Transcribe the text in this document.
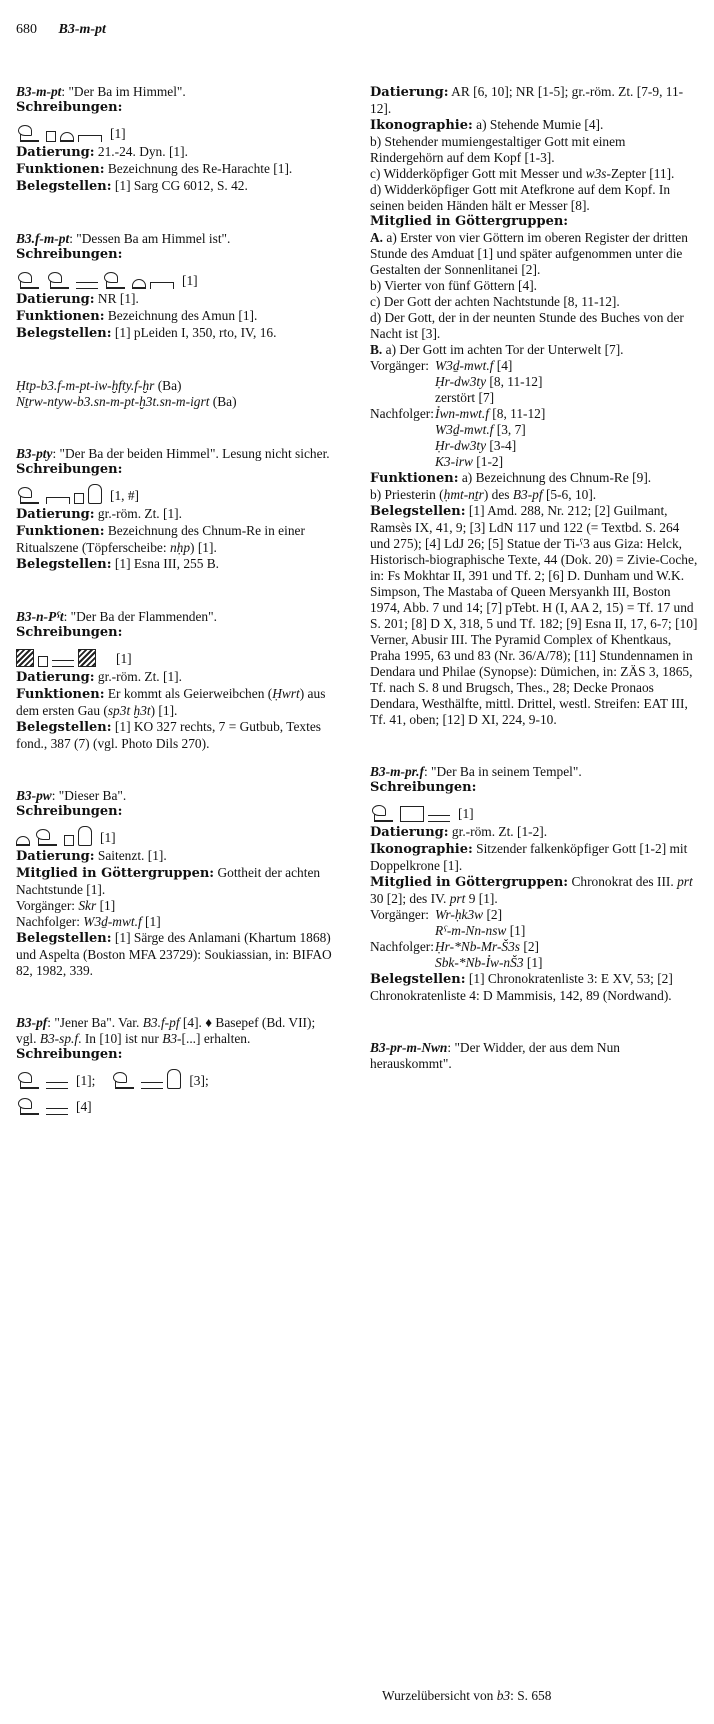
680 B3-m-pt

B3-m-pt: "Der Ba im Himmel".

Schreibungen:

[1]

Datierung: 21.-24. Dyn. [1].

Funktionen: Bezeichnung des Re-Harachte [1].

Belegstellen: [1] Sarg CG 6012, S. 42.

B3.f-m-pt: "Dessen Ba am Himmel ist".

Schreibungen:

[1]

Datierung: NR [1].

Funktionen: Bezeichnung des Amun [1].

Belegstellen: [1] pLeiden I, 350, rto, IV, 16.

Ḥtp-b3.f-m-pt-iw-ḫfty.f-ḫr (Ba)

Nṯrw-ntyw-b3.sn-m-pt-ḫ3t.sn-m-igrt (Ba)

B3-pty: "Der Ba der beiden Himmel". Lesung nicht sicher.

Schreibungen:

[1, #]

Datierung: gr.-röm. Zt. [1].

Funktionen: Bezeichnung des Chnum-Re in einer Ritualszene (Töpferscheibe: nḥp) [1].

Belegstellen: [1] Esna III, 255 B.

B3-n-Pˁt: "Der Ba der Flammenden".

Schreibungen:

[1]

Datierung: gr.-röm. Zt. [1].

Funktionen: Er kommt als Geierweibchen (Ḥwrt) aus dem ersten Gau (sp3t ḫ3t) [1].

Belegstellen: [1] KO 327 rechts, 7 = Gutbub, Textes fond., 387 (7) (vgl. Photo Dils 270).

B3-pw: "Dieser Ba".

Schreibungen:

[1]

Datierung: Saitenzt. [1].

Mitglied in Göttergruppen: Gottheit der achten Nachtstunde [1].

Vorgänger: Skr [1]

Nachfolger: W3ḏ-mwt.f [1]

Belegstellen: [1] Särge des Anlamani (Khartum 1868) und Aspelta (Boston MFA 23729): Soukiassian, in: BIFAO 82, 1982, 339.

B3-pf: "Jener Ba". Var. B3.f-pf [4]. ♦ Basepef (Bd. VII); vgl. B3-sp.f. In [10] ist nur B3-[...] erhalten.

Schreibungen:

[1];	[3];
[4]

Datierung: AR [6, 10]; NR [1-5]; gr.-röm. Zt. [7-9, 11-12].

Ikonographie: a) Stehende Mumie [4].

b) Stehender mumiengestaltiger Gott mit einem Rindergehörn auf dem Kopf [1-3].

c) Widderköpfiger Gott mit Messer und w3s-Zepter [11].

d) Widderköpfiger Gott mit Atefkrone auf dem Kopf. In seinen beiden Händen hält er Messer [8].

Mitglied in Göttergruppen:

A. a) Erster von vier Göttern im oberen Register der dritten Stunde des Amduat [1] und später aufgenommen unter die Gestalten der Sonnenlitanei [2].

b) Vierter von fünf Göttern [4].

c) Der Gott der achten Nachtstunde [8, 11-12].

d) Der Gott, der in der neunten Stunde des Buches von der Nacht ist [3].

B. a) Der Gott im achten Tor der Unterwelt [7].

Vorgänger: W3ḏ-mwt.f [4]
Ḥr-dw3ty [8, 11-12]
zerstört [7]
Nachfolger: Ỉwn-mwt.f [8, 11-12]
W3ḏ-mwt.f [3, 7]
Ḥr-dw3ty [3-4]
K3-irw [1-2]

Funktionen: a) Bezeichnung des Chnum-Re [9].

b) Priesterin (ḥmt-nṯr) des B3-pf [5-6, 10].

Belegstellen: [1] Amd. 288, Nr. 212; [2] Guilmant, Ramsès IX, 41, 9; [3] LdN 117 und 122 (= Textbd. S. 264 und 275); [4] LdJ 26; [5] Statue der Ti-ˁ3 aus Giza: Helck, Historisch-biographische Texte, 44 (Dok. 20) = Zivie-Coche, in: Fs Mokhtar II, 391 und Tf. 2; [6] D. Dunham und W.K. Simpson, The Mastaba of Queen Mersyankh III, Boston 1974, Abb. 7 und 14; [7] pTebt. H (I, AA 2, 15) = Tf. 17 und S. 201; [8] D X, 318, 5 und Tf. 182; [9] Esna II, 17, 6-7; [10] Verner, Abusir III. The Pyramid Complex of Khentkaus, Praha 1995, 63 und 83 (Nr. 36/A/78); [11] Stundennamen in Dendara und Philae (Synopse): Dümichen, in: ZÄS 3, 1865, Tf. nach S. 8 und Brugsch, Thes., 28; Decke Pronaos Dendara, Westhälfte, mittl. Drittel, westl. Streifen: EAT III, Tf. 41, oben; [12] D XI, 224, 9-10.

B3-m-pr.f: "Der Ba in seinem Tempel".

Schreibungen:

[1]

Datierung: gr.-röm. Zt. [1-2].

Ikonographie: Sitzender falkenköpfiger Gott [1-2] mit Doppelkrone [1].

Mitglied in Göttergruppen: Chronokrat des III. prt 30 [2]; des IV. prt 9 [1].

Vorgänger: Wr-ḥk3w [2]
Rˁ-m-Nn-nsw [1]
Nachfolger: Ḥr-*Nb-Mr-Š3s [2]
Sbk-*Nb-Ỉw-nŠ3 [1]

Belegstellen: [1] Chronokratenliste 3: E XV, 53; [2] Chronokratenliste 4: D Mammisis, 142, 89 (Nordwand).

B3-pr-m-Nwn: "Der Widder, der aus dem Nun herauskommt".

Wurzelübersicht von b3: S. 658
